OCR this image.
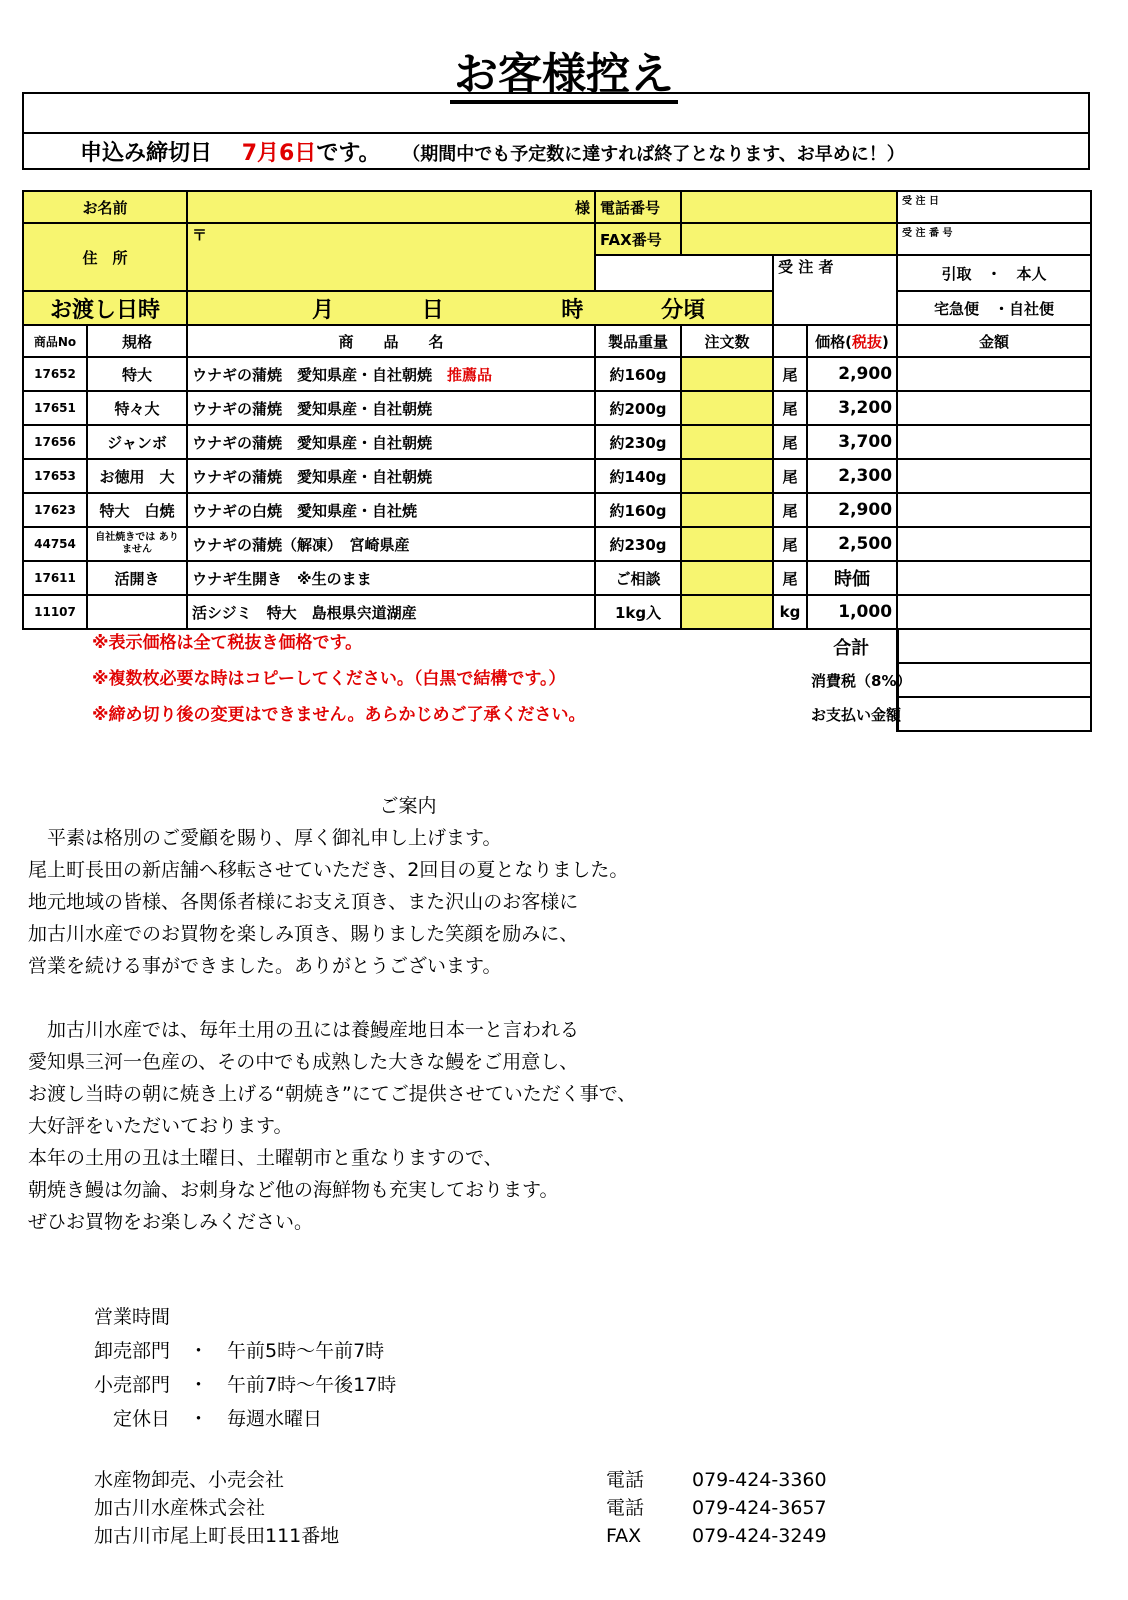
お客様控え
申込み締切日 7月6日です。 （期間中でも予定数に達すれば終了となります、お早めに！）
お名前		様	電話番号				受 注 日
住　所		〒	FAX番号				受 注 番 号
					受 注 者		引取　・　本人
お渡し日時		月 日 時 分頃					宅急便　・自社便
商品No	規格	商　　品　　名	製品重量	注文数		価格(税抜)	金額
17652	特大	ウナギの蒲焼　愛知県産・自社朝焼　 推薦品	約160g		尾	2,900	
17651	特々大	ウナギの蒲焼　愛知県産・自社朝焼	約200g		尾	3,200	
17656	ジャンボ	ウナギの蒲焼　愛知県産・自社朝焼	約230g		尾	3,700	
17653	お徳用　大	ウナギの蒲焼　愛知県産・自社朝焼	約140g		尾	2,300	
17623	特大　白焼	ウナギの白焼　愛知県産・自社焼	約160g		尾	2,900	
44754	自社焼きでは ありません	ウナギの蒲焼（解凍）　宮崎県産	約230g		尾	2,500	
17611	活開き	ウナギ生開き　※生のまま	ご相談		尾	時価	
11107		活シジミ　特大　島根県宍道湖産	1kg入		kg	1,000	
						合計	
						消費税（8%）	
						お支払い金額	
※表示価格は全て税抜き価格です。
※複数枚必要な時はコピーしてください。（白黒で結構です。）
※締め切り後の変更はできません。あらかじめご了承ください。

ご案内

　平素は格別のご愛顧を賜り、厚く御礼申し上げます。

尾上町長田の新店舗へ移転させていただき、2回目の夏となりました。

地元地域の皆様、各関係者様にお支え頂き、また沢山のお客様に

加古川水産でのお買物を楽しみ頂き、賜りました笑顔を励みに、

営業を続ける事ができました。ありがとうございます。

　加古川水産では、毎年土用の丑には養鰻産地日本一と言われる

愛知県三河一色産の、その中でも成熟した大きな鰻をご用意し、

お渡し当時の朝に焼き上げる“朝焼き”にてご提供させていただく事で、

大好評をいただいております。

本年の土用の丑は土曜日、土曜朝市と重なりますので、

朝焼き鰻は勿論、お刺身など他の海鮮物も充実しております。

ぜひお買物をお楽しみください。

営業時間
卸売部門　・　午前5時～午前7時
小売部門　・　午前7時～午後17時
　定休日　・　毎週水曜日
水産物卸売、小売会社
加古川水産株式会社
加古川市尾上町長田111番地
電話	079-424-3360
電話	079-424-3657
FAX	079-424-3249
